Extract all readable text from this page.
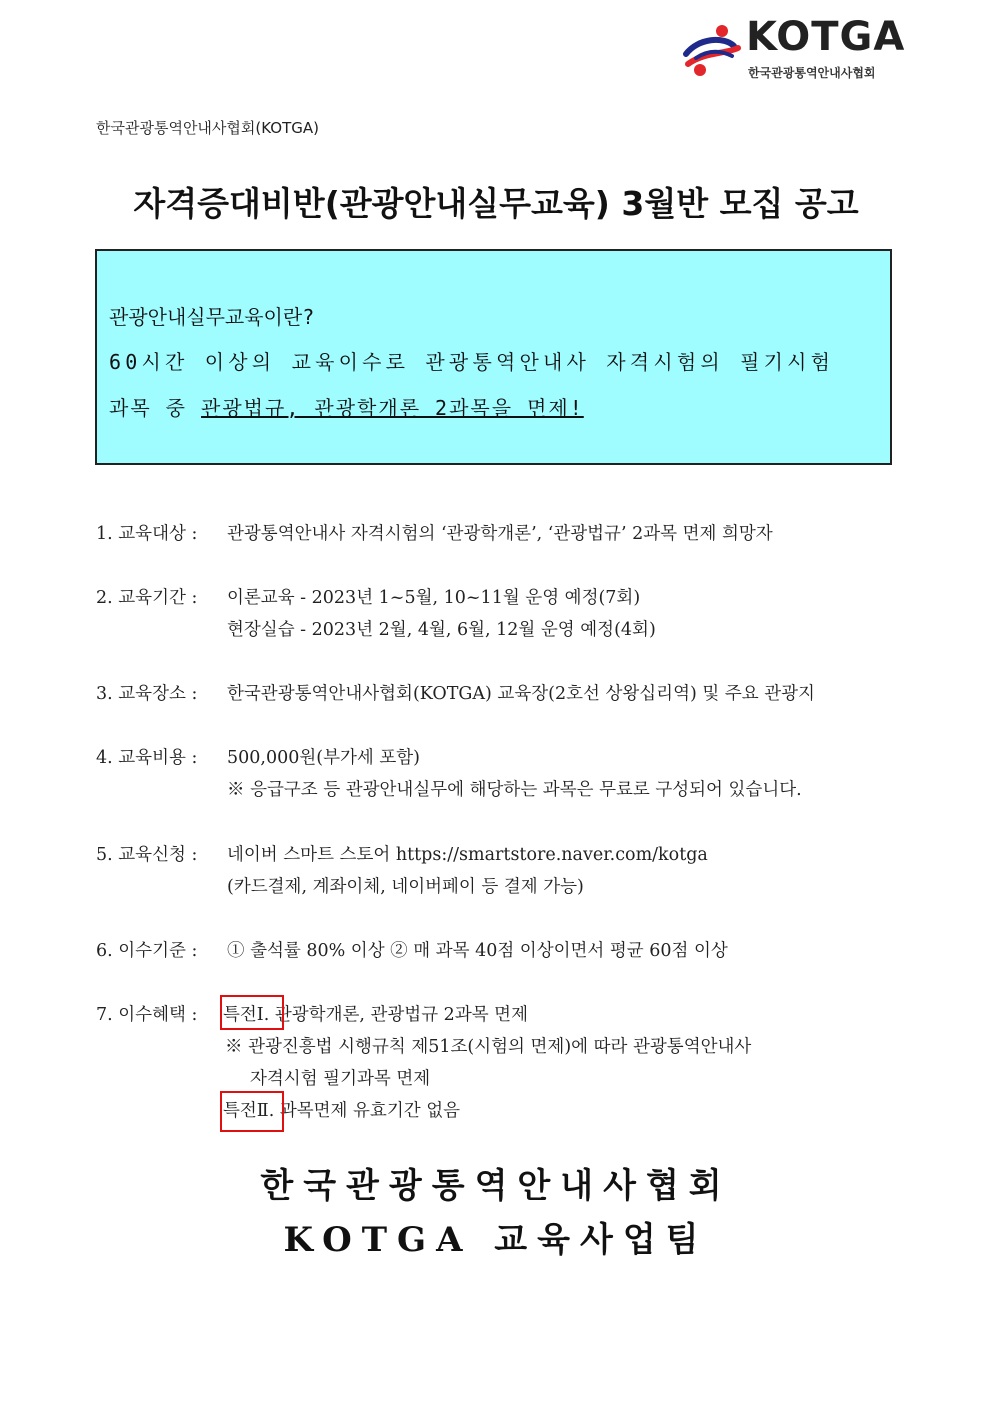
KOTGA
한국관광통역안내사협회
한국관광통역안내사협회(KOTGA)
자격증대비반(관광안내실무교육) 3월반 모집 공고

관광안내실무교육이란?

60시간 이상의 교육이수로 관광통역안내사 자격시험의 필기시험

과목 중 관광법규, 관광학개론 2과목을 면제!

1. 교육대상 : 관광통역안내사 자격시험의 ‘관광학개론’, ‘관광법규’ 2과목 면제 희망자
2. 교육기간 : 이론교육 - 2023년 1~5월, 10~11월 운영 예정(7회)
현장실습 - 2023년 2월, 4월, 6월, 12월 운영 예정(4회)
3. 교육장소 : 한국관광통역안내사협회(KOTGA) 교육장(2호선 상왕십리역) 및 주요 관광지
4. 교육비용 : 500,000원(부가세 포함)
※ 응급구조 등 관광안내실무에 해당하는 과목은 무료로 구성되어 있습니다.
5. 교육신청 : 네이버 스마트 스토어 https://smartstore.naver.com/kotga
(카드결제, 계좌이체, 네이버페이 등 결제 가능)
6. 이수기준 : ① 출석률 80% 이상 ② 매 과목 40점 이상이면서 평균 60점 이상
7. 이수혜택 : 특전Ⅰ. 관광학개론, 관광법규 2과목 면제
※ 관광진흥법 시행규칙 제51조(시험의 면제)에 따라 관광통역안내사
자격시험 필기과목 면제
특전Ⅱ. 과목면제 유효기간 없음
한국관광통역안내사협회
KOTGA 교육사업팀
